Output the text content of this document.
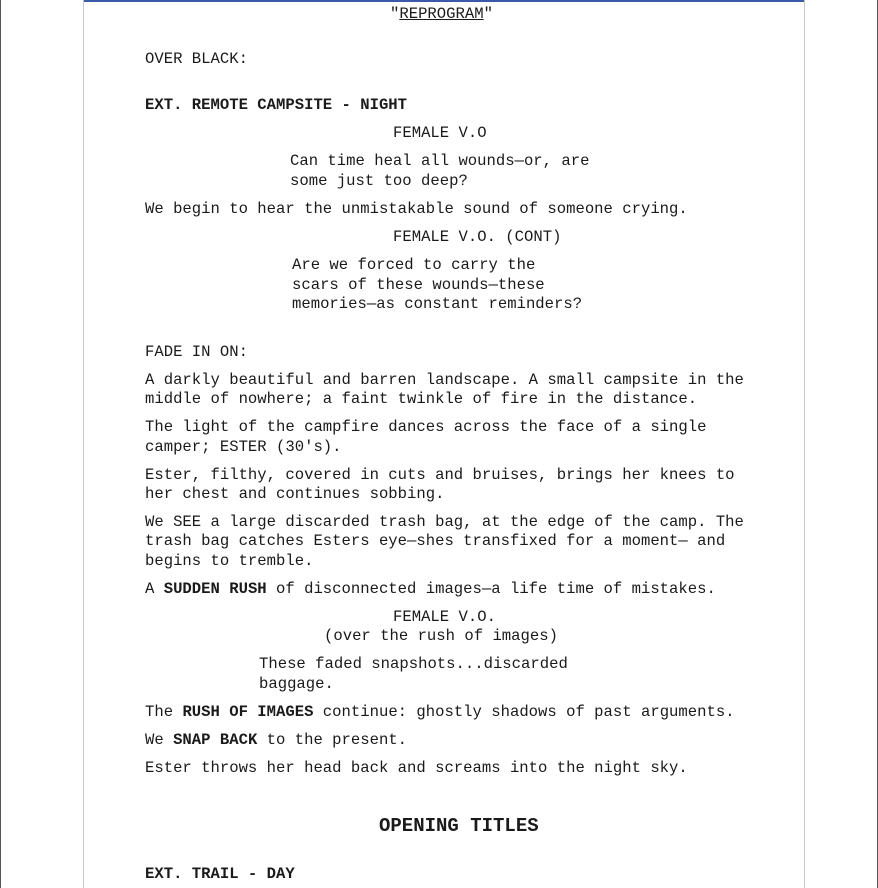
"REPROGRAM"
OVER BLACK:
EXT. REMOTE CAMPSITE - NIGHT
FEMALE V.O
Can time heal all wounds—or, are
some just too deep?
We begin to hear the unmistakable sound of someone crying.
FEMALE V.O. (CONT)
Are we forced to carry the
scars of these wounds—these
memories—as constant reminders?
FADE IN ON:
A darkly beautiful and barren landscape. A small campsite in the
middle of nowhere; a faint twinkle of fire in the distance.
The light of the campfire dances across the face of a single
camper; ESTER (30's).
Ester, filthy, covered in cuts and bruises, brings her knees to
her chest and continues sobbing.
We SEE a large discarded trash bag, at the edge of the camp. The
trash bag catches Esters eye—shes transfixed for a moment— and
begins to tremble.
A SUDDEN RUSH of disconnected images—a life time of mistakes.
FEMALE V.O.
(over the rush of images)
These faded snapshots...discarded
baggage.
The RUSH OF IMAGES continue: ghostly shadows of past arguments.
We SNAP BACK to the present.
Ester throws her head back and screams into the night sky.
OPENING TITLES
EXT. TRAIL - DAY
